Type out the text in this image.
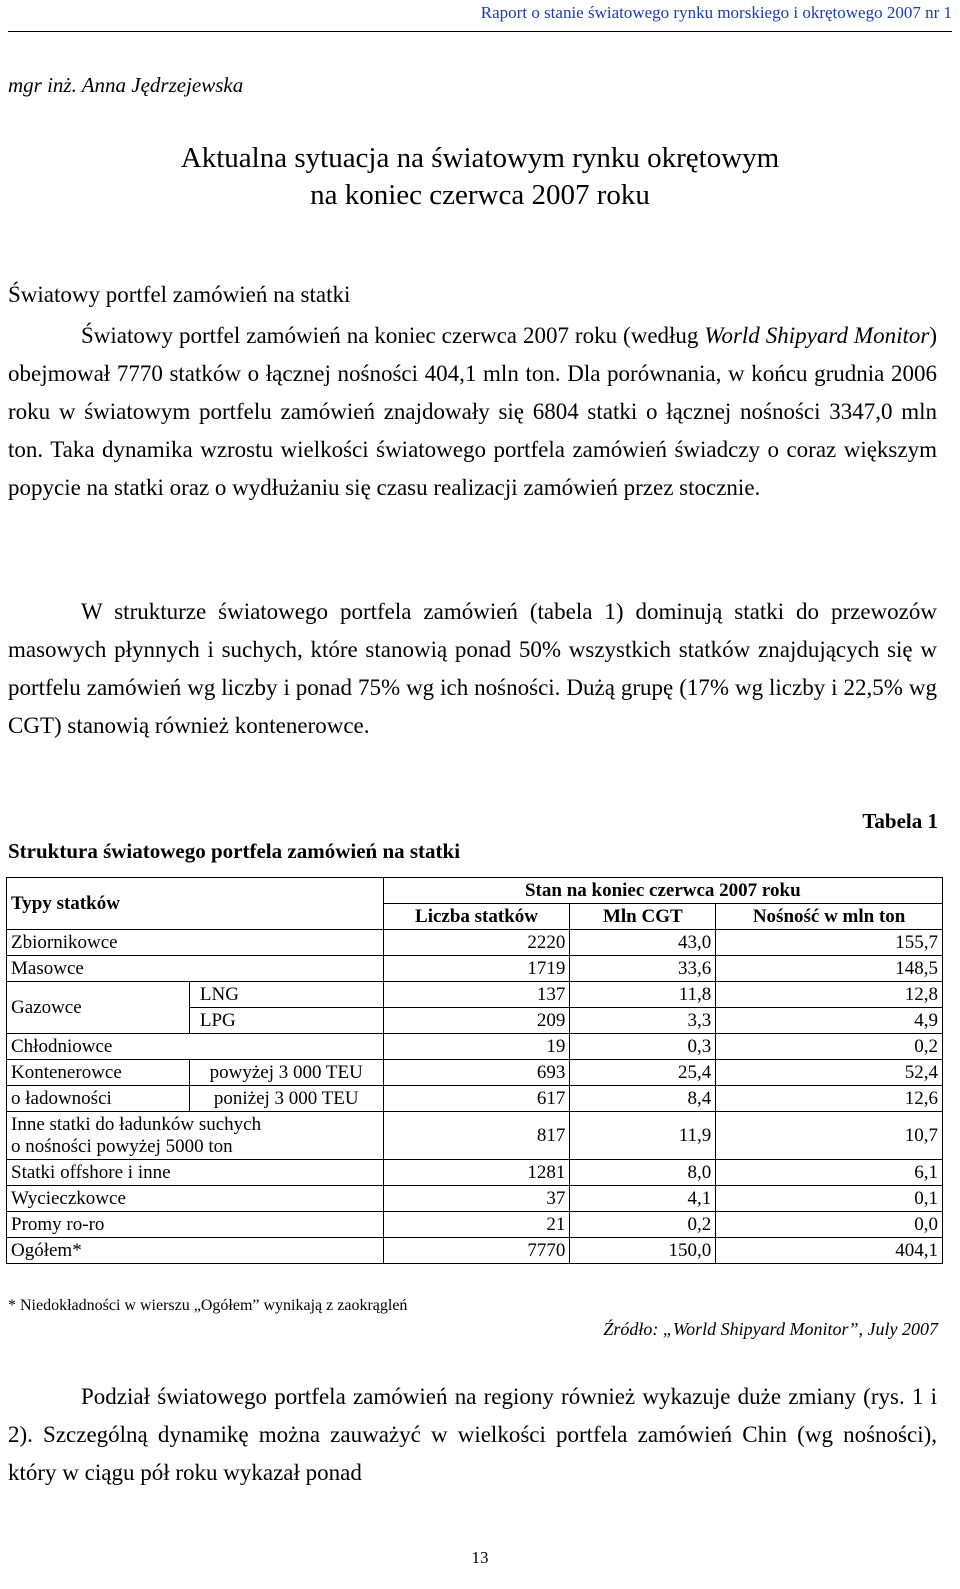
Raport o stanie światowego rynku morskiego i okrętowego 2007 nr 1
mgr inż. Anna Jędrzejewska
Aktualna sytuacja na światowym rynku okrętowym
na koniec czerwca 2007 roku
Światowy portfel zamówień na statki

Światowy portfel zamówień na koniec czerwca 2007 roku (według World Shipyard Monitor) obejmował 7770 statków o łącznej nośności 404,1 mln ton. Dla porównania, w końcu grudnia 2006 roku w światowym portfelu zamówień znajdowały się 6804 statki o łącznej nośności 3347,0 mln ton. Taka dynamika wzrostu wielkości światowego portfela zamówień świadczy o coraz większym popycie na statki oraz o wydłużaniu się czasu realizacji zamówień przez stocznie.

W strukturze światowego portfela zamówień (tabela 1) dominują statki do przewozów masowych płynnych i suchych, które stanowią ponad 50% wszystkich statków znajdujących się w portfelu zamówień wg liczby i ponad 75% wg ich nośności. Dużą grupę (17% wg liczby i 22,5% wg CGT) stanowią również kontenerowce.

Tabela 1
Struktura światowego portfela zamówień na statki
Typy statków		Stan na koniec czerwca 2007 roku		
		Liczba statków	Mln CGT	Nośność w mln ton
Zbiornikowce		2220	43,0	155,7
Masowce		1719	33,6	148,5
Gazowce	LNG	137	11,8	12,8
	LPG	209	3,3	4,9
Chłodniowce		19	0,3	0,2
Kontenerowce	powyżej 3 000 TEU	693	25,4	52,4
o ładowności	poniżej 3 000 TEU	617	8,4	12,6

Inne statki do ładunków suchych
o nośności powyżej 5000 ton		817	11,9	10,7
Statki offshore i inne		1281	8,0	6,1
Wycieczkowce		37	4,1	0,1
Promy ro-ro		21	0,2	0,0
Ogółem*		7770	150,0	404,1
* Niedokładności w wierszu „Ogółem” wynikają z zaokrągleń
Źródło: „World Shipyard Monitor”, July 2007

Podział światowego portfela zamówień na regiony również wykazuje duże zmiany (rys. 1 i 2). Szczególną dynamikę można zauważyć w wielkości portfela zamówień Chin (wg nośności), który w ciągu pół roku wykazał ponad

13
